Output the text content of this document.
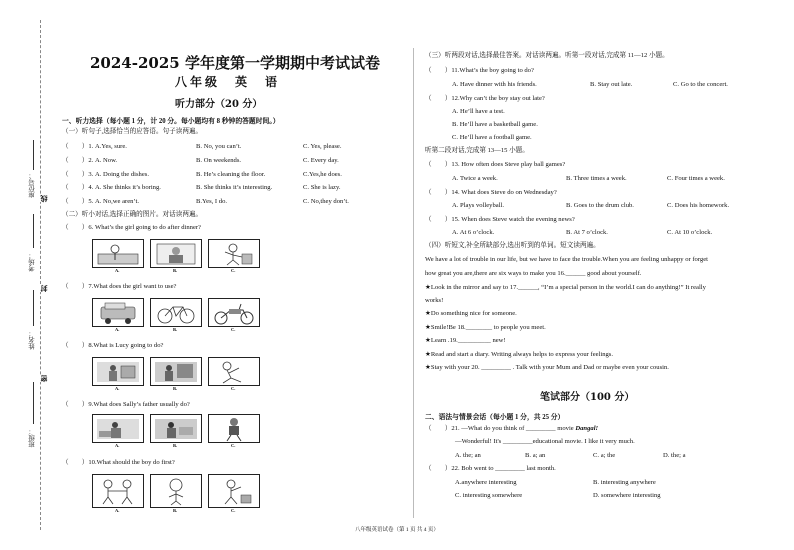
座位号：
考场：
姓名：
班级：
线
封
密
2024-2025 学年度第一学期期中考试试卷
八年级　英　语
听力部分（20 分）
一、听力选择（每小题 1 分，计 20 分。每小题均有 8 秒钟的答题时间。）
（一）听句子,选择恰当的应答语。句子读两遍。
（　　）1. A.Yes, sure.	B. No, you can’t.	C. Yes, please.
（　　）2. A. Now.	B. On weekends.	C. Every day.
（　　）3. A. Doing the dishes.	B. He’s cleaning the floor.	C.Yes,he does.
（　　）4. A. She thinks it’s boring.	B. She thinks it’s interesting.	C. She is lazy.
（　　）5. A. No,we aren’t.	B.Yes, I do.	C. No,they don’t.
（二）听小对话,选择正确的图片。对话读两遍。
（　　）6. What’s the girl going to do after dinner?
A.	B.	C.
（　　）7.What does the girl want to use?
A.	B.	C.
（　　）8.What is Lucy going to do?
A.	B.	C.
（　　）9.What does Sally’s father usually do?
A.	B.	C.
（　　）10.What should the boy do first?
A.	B.	C.
（三）听两段对话,选择最佳答案。对话读两遍。听第一段对话,完成第 11—12 小题。
（　　）11.What’s the boy going to do?
A. Have dinner with his friends.	B. Stay out late.	C. Go to the concert.
（　　）12.Why can’t the boy stay out late?
A. He’ll have a test.
B. He’ll have a basketball game.
C. He’ll have a football game.
听第二段对话,完成第 13—15 小题。
（　　）13. How often does Steve play ball games?
A. Twice a week.	B. Three times a week.	C. Four times a week.
（　　）14. What does Steve do on Wednesday?
A. Plays volleyball.	B. Goes to the drum club.	C. Does his homework.
（　　）15. When does Steve watch the evening news?
A. At 6 o’clock.	B. At 7 o’clock.	C. At 10 o’clock.
（四）听短文,补全所缺部分,选出听到的单词。短文读两遍。
We have a lot of trouble in our life, but we have to face the trouble.When you are feeling unhappy or forget
how great you are,there are six ways to make you 16.______ good about yourself.
★Look in the mirror and say to 17.______, “I’m a special person in the world.I can do anything!” It really
works!
★Do something nice for someone.
★Smile!Be 18.________ to people you meet.
★Learn .19.__________ new!
★Read and start a diary. Writing always helps to express your feelings.
★Stay with your 20. _________ . Talk with your Mum and Dad or maybe even your cousin.
笔试部分（100 分）
二、语法与情景会话（每小题 1 分，共 25 分）
（　　）21. —What do you think of _________ movie Dangal!
—Wonderful! It's _________educational movie. I like it very much.
A. the; an	B. a; an	C. a; the	D. the; a
（　　）22. Bob went to _________ last month.
A.anywhere interesting	B. interesting anywhere
C. interesting somewhere	D. somewhere interesting
八年级英语试卷（第 1 页 共 4 页）
